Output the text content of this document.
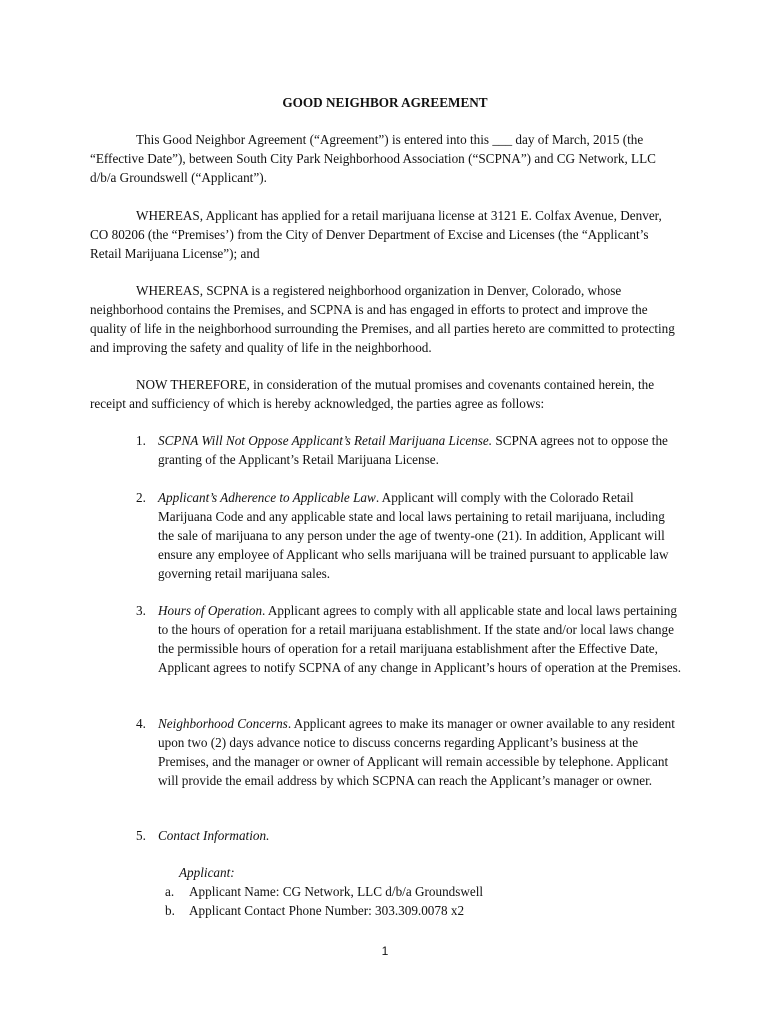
GOOD NEIGHBOR AGREEMENT

This Good Neighbor Agreement (“Agreement”) is entered into this ___ day of March, 2015 (the “Effective Date”), between South City Park Neighborhood Association (“SCPNA”) and CG Network, LLC d/b/a Groundswell (“Applicant”).

WHEREAS, Applicant has applied for a retail marijuana license at 3121 E. Colfax Avenue, Denver, CO 80206 (the “Premises’) from the City of Denver Department of Excise and Licenses (the “Applicant’s Retail Marijuana License”); and

WHEREAS, SCPNA is a registered neighborhood organization in Denver, Colorado, whose neighborhood contains the Premises, and SCPNA is and has engaged in efforts to protect and improve the quality of life in the neighborhood surrounding the Premises, and all parties hereto are committed to protecting and improving the safety and quality of life in the neighborhood.

NOW THEREFORE, in consideration of the mutual promises and covenants contained herein, the receipt and sufficiency of which is hereby acknowledged, the parties agree as follows:

1. SCPNA Will Not Oppose Applicant’s Retail Marijuana License. SCPNA agrees not to oppose the granting of the Applicant’s Retail Marijuana License.
2. Applicant’s Adherence to Applicable Law. Applicant will comply with the Colorado Retail Marijuana Code and any applicable state and local laws pertaining to retail marijuana, including the sale of marijuana to any person under the age of twenty-one (21). In addition, Applicant will ensure any employee of Applicant who sells marijuana will be trained pursuant to applicable law governing retail marijuana sales.
3. Hours of Operation. Applicant agrees to comply with all applicable state and local laws pertaining to the hours of operation for a retail marijuana establishment. If the state and/or local laws change the permissible hours of operation for a retail marijuana establishment after the Effective Date, Applicant agrees to notify SCPNA of any change in Applicant’s hours of operation at the Premises.
4. Neighborhood Concerns. Applicant agrees to make its manager or owner available to any resident upon two (2) days advance notice to discuss concerns regarding Applicant’s business at the Premises, and the manager or owner of Applicant will remain accessible by telephone. Applicant will provide the email address by which SCPNA can reach the Applicant’s manager or owner.
5. Contact Information.
Applicant:
a. Applicant Name: CG Network, LLC d/b/a Groundswell
b. Applicant Contact Phone Number: 303.309.0078 x2
1
